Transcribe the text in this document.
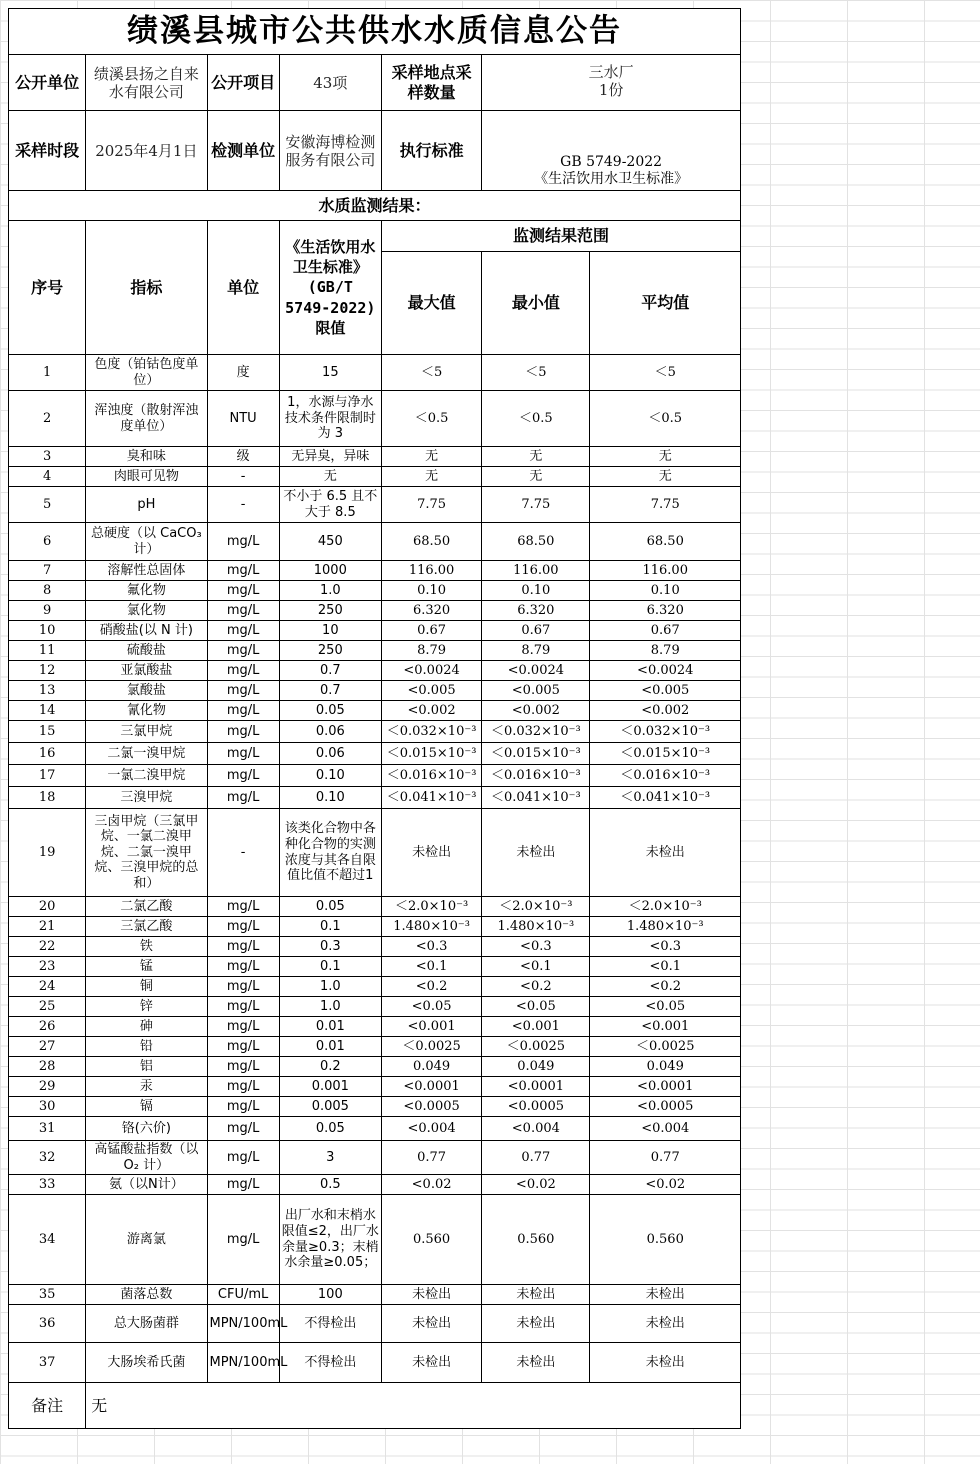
绩溪县城市公共供水水质信息公告						
公开单位	绩溪县扬之自来水有限公司	公开项目	43项	采样地点采样数量	三水厂
1份	
采样时段	2025年4月1日	检测单位	安徽海博检测服务有限公司	执行标准	GB 5749-2022
《生活饮用水卫生标准》	
水质监测结果：						
序号	指标	单位	《生活饮用水卫生标准》(GB/T 5749-2022)限值	监测结果范围		
				最大值	最小值	平均值
1	色度（铂钴色度单位）	度	15	＜5	＜5	＜5
2	浑浊度（散射浑浊度单位）	NTU	1，水源与净水技术条件限制时为 3	＜0.5	＜0.5	＜0.5
3	臭和味	级	无异臭，异味	无	无	无
4	肉眼可见物	-	无	无	无	无
5	pH	-	不小于 6.5 且不大于 8.5	7.75	7.75	7.75
6	总硬度（以 CaCO₃计）	mg/L	450	68.50	68.50	68.50
7	溶解性总固体	mg/L	1000	116.00	116.00	116.00
8	氟化物	mg/L	1.0	0.10	0.10	0.10
9	氯化物	mg/L	250	6.320	6.320	6.320
10	硝酸盐(以 N 计)	mg/L	10	0.67	0.67	0.67
11	硫酸盐	mg/L	250	8.79	8.79	8.79
12	亚氯酸盐	mg/L	0.7	<0.0024	<0.0024	<0.0024
13	氯酸盐	mg/L	0.7	<0.005	<0.005	<0.005
14	氰化物	mg/L	0.05	<0.002	<0.002	<0.002
15	三氯甲烷	mg/L	0.06	＜0.032×10⁻³	＜0.032×10⁻³	＜0.032×10⁻³
16	二氯一溴甲烷	mg/L	0.06	＜0.015×10⁻³	＜0.015×10⁻³	＜0.015×10⁻³
17	一氯二溴甲烷	mg/L	0.10	＜0.016×10⁻³	＜0.016×10⁻³	＜0.016×10⁻³
18	三溴甲烷	mg/L	0.10	＜0.041×10⁻³	＜0.041×10⁻³	＜0.041×10⁻³
19	三卤甲烷（三氯甲烷、一氯二溴甲烷、二氯一溴甲烷、三溴甲烷的总和）	-	该类化合物中各种化合物的实测浓度与其各自限值比值不超过1	未检出	未检出	未检出
20	二氯乙酸	mg/L	0.05	＜2.0×10⁻³	＜2.0×10⁻³	＜2.0×10⁻³
21	三氯乙酸	mg/L	0.1	1.480×10⁻³	1.480×10⁻³	1.480×10⁻³
22	铁	mg/L	0.3	<0.3	<0.3	<0.3
23	锰	mg/L	0.1	<0.1	<0.1	<0.1
24	铜	mg/L	1.0	<0.2	<0.2	<0.2
25	锌	mg/L	1.0	<0.05	<0.05	<0.05
26	砷	mg/L	0.01	<0.001	<0.001	<0.001
27	铅	mg/L	0.01	＜0.0025	＜0.0025	＜0.0025
28	铝	mg/L	0.2	0.049	0.049	0.049
29	汞	mg/L	0.001	<0.0001	<0.0001	<0.0001
30	镉	mg/L	0.005	<0.0005	<0.0005	<0.0005
31	铬(六价)	mg/L	0.05	<0.004	<0.004	<0.004
32	高锰酸盐指数（以 O₂ 计）	mg/L	3	0.77	0.77	0.77
33	氨（以N计）	mg/L	0.5	<0.02	<0.02	<0.02
34	游离氯	mg/L	出厂水和末梢水限值≤2，出厂水余量≥0.3；末梢水余量≥0.05；	0.560	0.560	0.560
35	菌落总数	CFU/mL	100	未检出	未检出	未检出
36	总大肠菌群	MPN/100mL	不得检出	未检出	未检出	未检出
37	大肠埃希氏菌	MPN/100mL	不得检出	未检出	未检出	未检出
备注	无					
